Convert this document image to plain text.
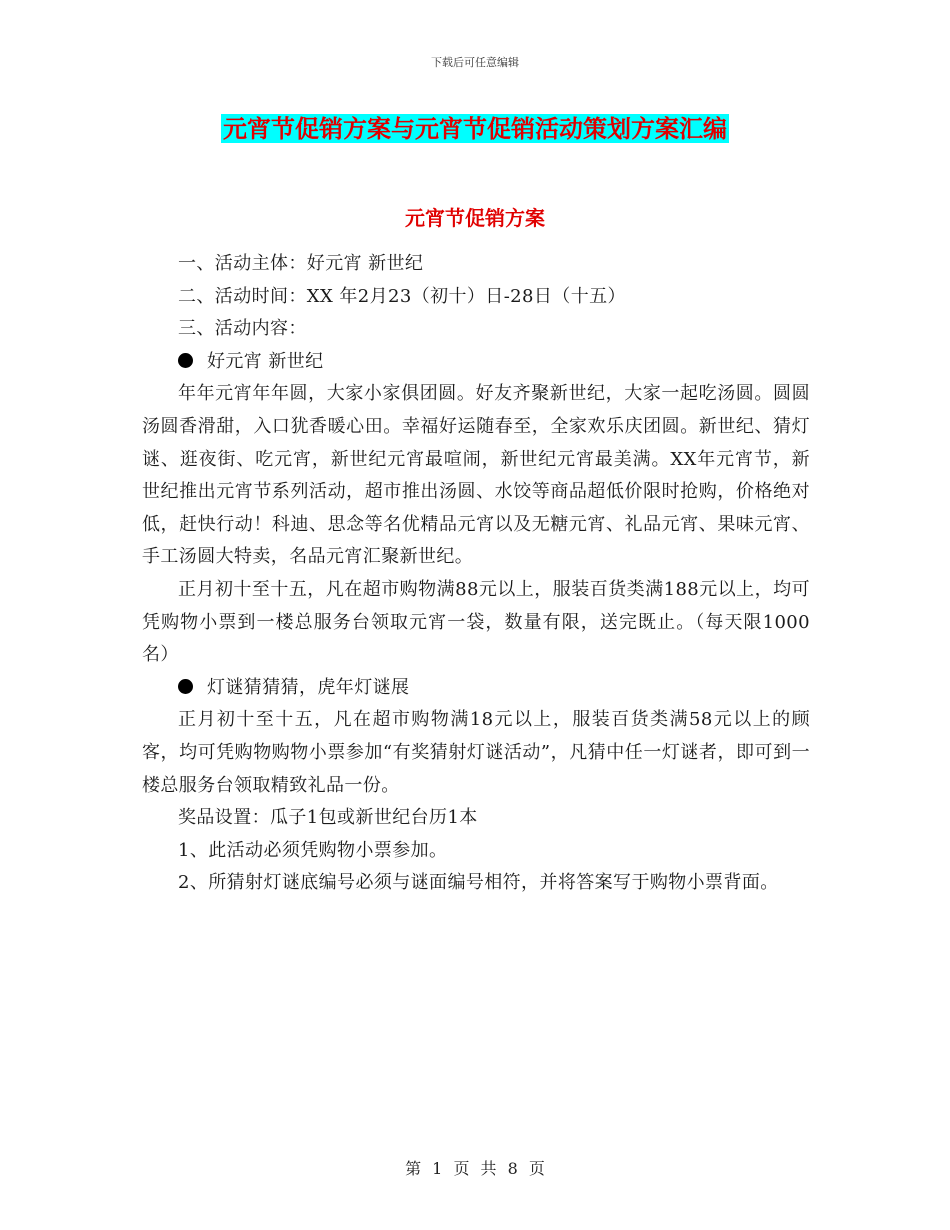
下载后可任意编辑
元宵节促销方案与元宵节促销活动策划方案汇编
元宵节促销方案

一、活动主体：好元宵 新世纪

二、活动时间：XX 年2月23（初十）日-28日（十五）

三、活动内容：

好元宵 新世纪

年年元宵年年圆，大家小家俱团圆。好友齐聚新世纪，大家一起吃汤圆。圆圆汤圆香滑甜，入口犹香暖心田。幸福好运随春至，全家欢乐庆团圆。新世纪、猜灯谜、逛夜街、吃元宵，新世纪元宵最喧闹，新世纪元宵最美满。XX年元宵节，新世纪推出元宵节系列活动，超市推出汤圆、水饺等商品超低价限时抢购，价格绝对低，赶快行动！科迪、思念等名优精品元宵以及无糖元宵、礼品元宵、果味元宵、手工汤圆大特卖，名品元宵汇聚新世纪。

正月初十至十五，凡在超市购物满88元以上，服装百货类满188元以上，均可凭购物小票到一楼总服务台领取元宵一袋，数量有限，送完既止。（每天限1000名）

灯谜猜猜猜，虎年灯谜展

正月初十至十五，凡在超市购物满18元以上，服装百货类满58元以上的顾客，均可凭购物购物小票参加“有奖猜射灯谜活动”，凡猜中任一灯谜者，即可到一楼总服务台领取精致礼品一份。

奖品设置：瓜子1包或新世纪台历1本

1、此活动必须凭购物小票参加。

2、所猜射灯谜底编号必须与谜面编号相符，并将答案写于购物小票背面。

第 1 页 共 8 页
